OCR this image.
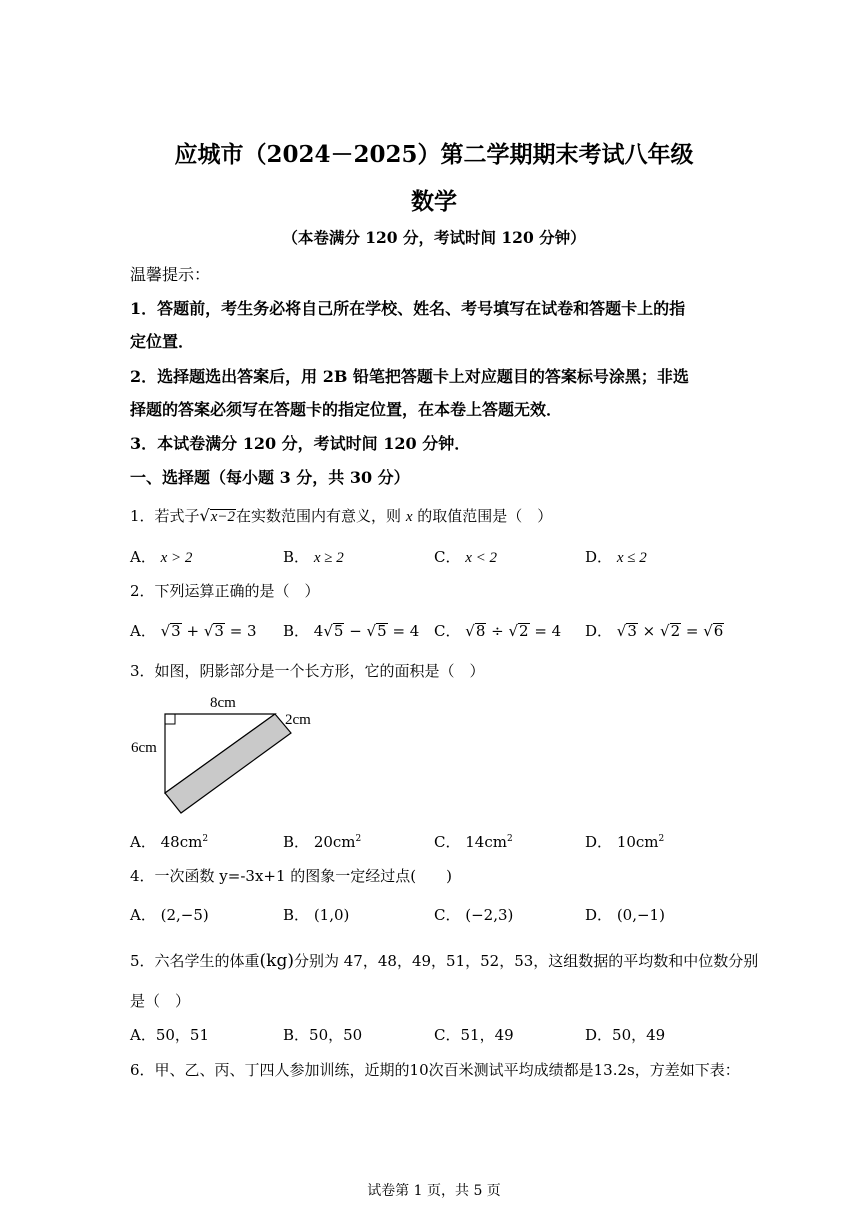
应城市（2024－2025）第二学期期末考试八年级
数学
（本卷满分 120 分，考试时间 120 分钟）
温馨提示：
1．答题前，考生务必将自己所在学校、姓名、考号填写在试卷和答题卡上的指
定位置．
2．选择题选出答案后，用 2B 铅笔把答题卡上对应题目的答案标号涂黑；非选
择题的答案必须写在答题卡的指定位置，在本卷上答题无效．
3．本试卷满分 120 分，考试时间 120 分钟．
一、选择题（每小题 3 分，共 30 分）
1．若式子√x−2在实数范围内有意义，则 x 的取值范围是（　）
A． x > 2	B． x ≥ 2	C． x < 2	D． x ≤ 2
2．下列运算正确的是（　）
A． √3 + √3 = 3 B． 4√5 − √5 = 4 C． √8 ÷ √2 = 4 D． √3 × √2 = √6
3．如图，阴影部分是一个长方形，它的面积是（　）
8cm
6cm
2cm
A． $48cm^2$	B． $20cm^2$	C． $14cm^2$	D． $10cm^2$
4．一次函数 y=-3x+1 的图象一定经过点(　　)
A． (2,−5)	B． (1,0)	C． (−2,3)	D． (0,−1)
5．六名学生的体重(kg)分别为 47，48，49，51，52，53，这组数据的平均数和中位数分别
是（　）
A．50，51	B．50，50	C．51，49	D．50，49
6．甲、乙、丙、丁四人参加训练，近期的10次百米测试平均成绩都是13.2s，方差如下表：
试卷第 1 页，共 5 页
